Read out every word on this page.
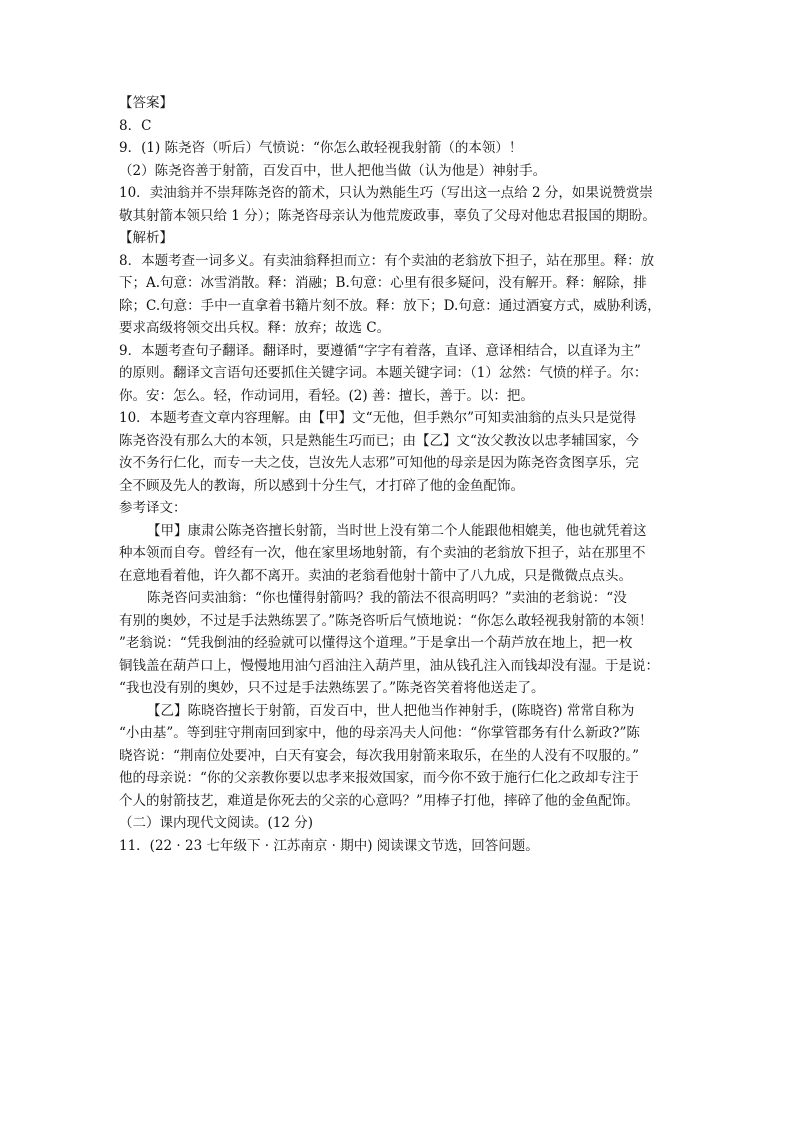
【答案】
8．C
9．(1) 陈尧咨（听后）气愤说：“你怎么敢轻视我射箭（的本领）！
（2）陈尧咨善于射箭，百发百中，世人把他当做（认为他是）神射手。
10．卖油翁并不崇拜陈尧咨的箭术，只认为熟能生巧（写出这一点给 2 分，如果说赞赏崇
敬其射箭本领只给 1 分）；陈尧咨母亲认为他荒废政事，辜负了父母对他忠君报国的期盼。
【解析】
8．本题考查一词多义。有卖油翁释担而立：有个卖油的老翁放下担子，站在那里。释：放
下；A.句意：冰雪消散。释：消融；B.句意：心里有很多疑问，没有解开。释：解除，排
除；C.句意：手中一直拿着书籍片刻不放。释：放下；D.句意：通过酒宴方式，威胁利诱，
要求高级将领交出兵权。释：放弃；故选 C。
9．本题考查句子翻译。翻译时，要遵循“字字有着落，直译、意译相结合，以直译为主”
的原则。翻译文言语句还要抓住关键字词。本题关键字词：（1）忿然：气愤的样子。尔：
你。安：怎么。轻，作动词用，看轻。(2) 善：擅长，善于。以：把。
10．本题考查文章内容理解。由【甲】文“无他，但手熟尔”可知卖油翁的点头只是觉得
陈尧咨没有那么大的本领，只是熟能生巧而已；由【乙】文“汝父教汝以忠孝辅国家，今
汝不务行仁化，而专一夫之伎，岂汝先人志邪”可知他的母亲是因为陈尧咨贪图享乐，完
全不顾及先人的教诲，所以感到十分生气，才打碎了他的金鱼配饰。
参考译文：
【甲】康肃公陈尧咨擅长射箭，当时世上没有第二个人能跟他相媲美，他也就凭着这
种本领而自夸。曾经有一次，他在家里场地射箭，有个卖油的老翁放下担子，站在那里不
在意地看着他，许久都不离开。卖油的老翁看他射十箭中了八九成，只是微微点点头。
陈尧咨问卖油翁：“你也懂得射箭吗？我的箭法不很高明吗？”卖油的老翁说：“没
有别的奥妙，不过是手法熟练罢了。”陈尧咨听后气愤地说：“你怎么敢轻视我射箭的本领！
”老翁说：“凭我倒油的经验就可以懂得这个道理。”于是拿出一个葫芦放在地上，把一枚
铜钱盖在葫芦口上，慢慢地用油勺舀油注入葫芦里，油从钱孔注入而钱却没有湿。于是说：
“我也没有别的奥妙，只不过是手法熟练罢了。”陈尧咨笑着将他送走了。
【乙】陈晓咨擅长于射箭，百发百中，世人把他当作神射手，(陈晓咨) 常常自称为
“小由基”。等到驻守荆南回到家中，他的母亲冯夫人问他：“你掌管郡务有什么新政?”陈
晓咨说：“荆南位处要冲，白天有宴会，每次我用射箭来取乐，在坐的人没有不叹服的。”
他的母亲说：“你的父亲教你要以忠孝来报效国家，而今你不致于施行仁化之政却专注于
个人的射箭技艺，难道是你死去的父亲的心意吗？”用棒子打他，摔碎了他的金鱼配饰。
（二）课内现代文阅读。(12 分)
11．(22 · 23 七年级下 · 江苏南京 · 期中) 阅读课文节选，回答问题。
